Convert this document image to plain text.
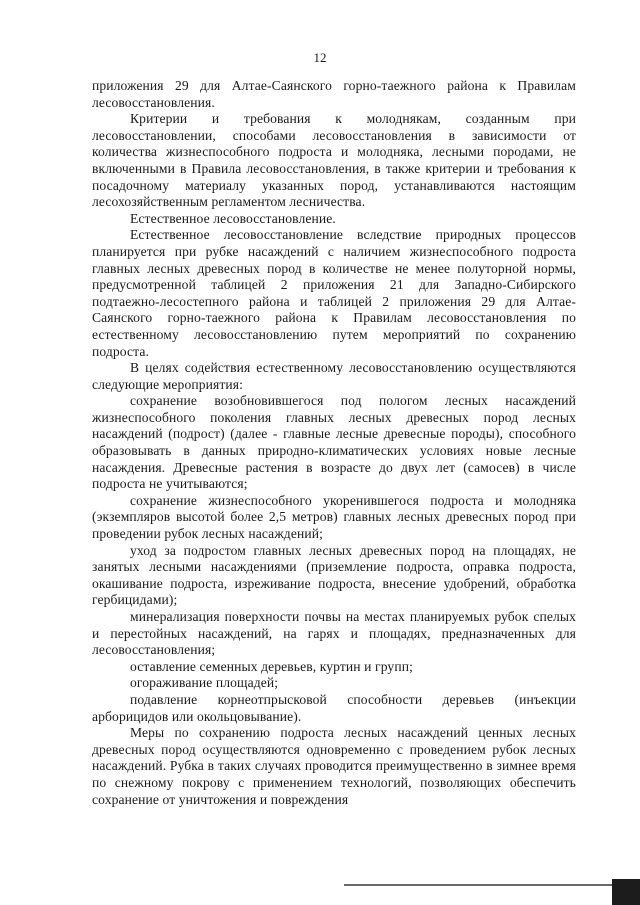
12

приложения 29 для Алтае-Саянского горно-таежного района к Правилам лесовосстановления.

Критерии и требования к молоднякам, созданным при лесовосстановлении, способами лесовосстановления в зависимости от количества жизнеспособного подроста и молодняка, лесными породами, не включенными в Правила лесовосстановления, в также критерии и требования к посадочному материалу указанных пород, устанавливаются настоящим лесохозяйственным регламентом лесничества.

Естественное лесовосстановление.

Естественное лесовосстановление вследствие природных процессов планируется при рубке насаждений с наличием жизнеспособного подроста главных лесных древесных пород в количестве не менее полуторной нормы, предусмотренной таблицей 2 приложения 21 для Западно-Сибирского подтаежно-лесостепного района и таблицей 2 приложения 29 для Алтае-Саянского горно-таежного района к Правилам лесовосстановления по естественному лесовосстановлению путем мероприятий по сохранению подроста.

В целях содействия естественному лесовосстановлению осуществляются следующие мероприятия:

сохранение возобновившегося под пологом лесных насаждений жизнеспособного поколения главных лесных древесных пород лесных насаждений (подрост) (далее - главные лесные древесные породы), способного образовывать в данных природно-климатических условиях новые лесные насаждения. Древесные растения в возрасте до двух лет (самосев) в числе подроста не учитываются;

сохранение жизнеспособного укоренившегося подроста и молодняка (экземпляров высотой более 2,5 метров) главных лесных древесных пород при проведении рубок лесных насаждений;

уход за подростом главных лесных древесных пород на площадях, не занятых лесными насаждениями (приземление подроста, оправка подроста, окашивание подроста, изреживание подроста, внесение удобрений, обработка гербицидами);

минерализация поверхности почвы на местах планируемых рубок спелых и перестойных насаждений, на гарях и площадях, предназначенных для лесовосстановления;

оставление семенных деревьев, куртин и групп;

огораживание площадей;

подавление корнеотпрысковой способности деревьев (инъекции арборицидов или окольцовывание).

Меры по сохранению подроста лесных насаждений ценных лесных древесных пород осуществляются одновременно с проведением рубок лесных насаждений. Рубка в таких случаях проводится преимущественно в зимнее время по снежному покрову с применением технологий, позволяющих обеспечить сохранение от уничтожения и повреждения
